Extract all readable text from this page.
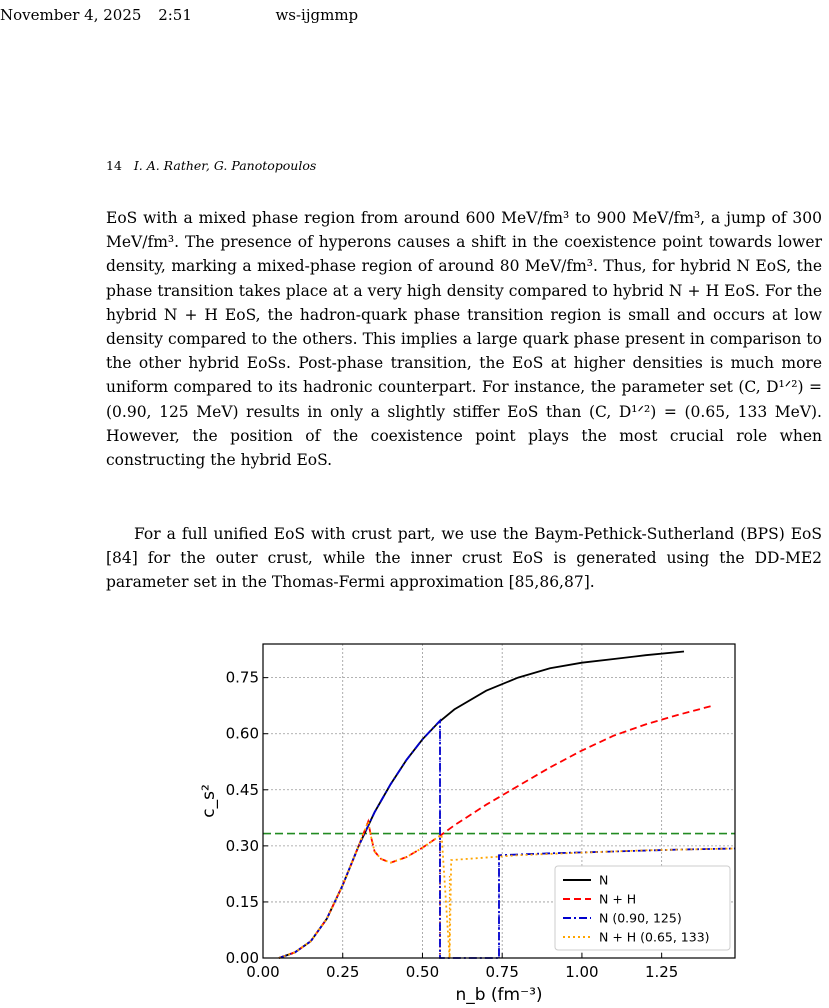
November 4, 2025 2:51	ws-ijgmmp
14 I. A. Rather, G. Panotopoulos
EoS with a mixed phase region from around 600 MeV/fm³ to 900 MeV/fm³, a jump of 300 MeV/fm³. The presence of hyperons causes a shift in the coexistence point towards lower density, marking a mixed-phase region of around 80 MeV/fm³. Thus, for hybrid N EoS, the phase transition takes place at a very high density compared to hybrid N + H EoS. For the hybrid N + H EoS, the hadron-quark phase transition region is small and occurs at low density compared to the others. This implies a large quark phase present in comparison to the other hybrid EoSs. Post-phase transition, the EoS at higher densities is much more uniform compared to its hadronic counterpart. For instance, the parameter set (C, D¹ᐟ²) = (0.90, 125 MeV) results in only a slightly stiffer EoS than (C, D¹ᐟ²) = (0.65, 133 MeV). However, the position of the coexistence point plays the most crucial role when constructing the hybrid EoS.
For a full unified EoS with crust part, we use the Baym-Pethick-Sutherland (BPS) EoS [84] for the outer crust, while the inner crust EoS is generated using the DD-ME2 parameter set in the Thomas-Fermi approximation [85,86,87].
0.00	0.25	0.50	0.75	1.00	1.25
0.00
0.15
0.30
0.45
0.60
0.75
n_b (fm⁻³)
c_s²
N
N + H
N (0.90, 125)
N + H (0.65, 133)
